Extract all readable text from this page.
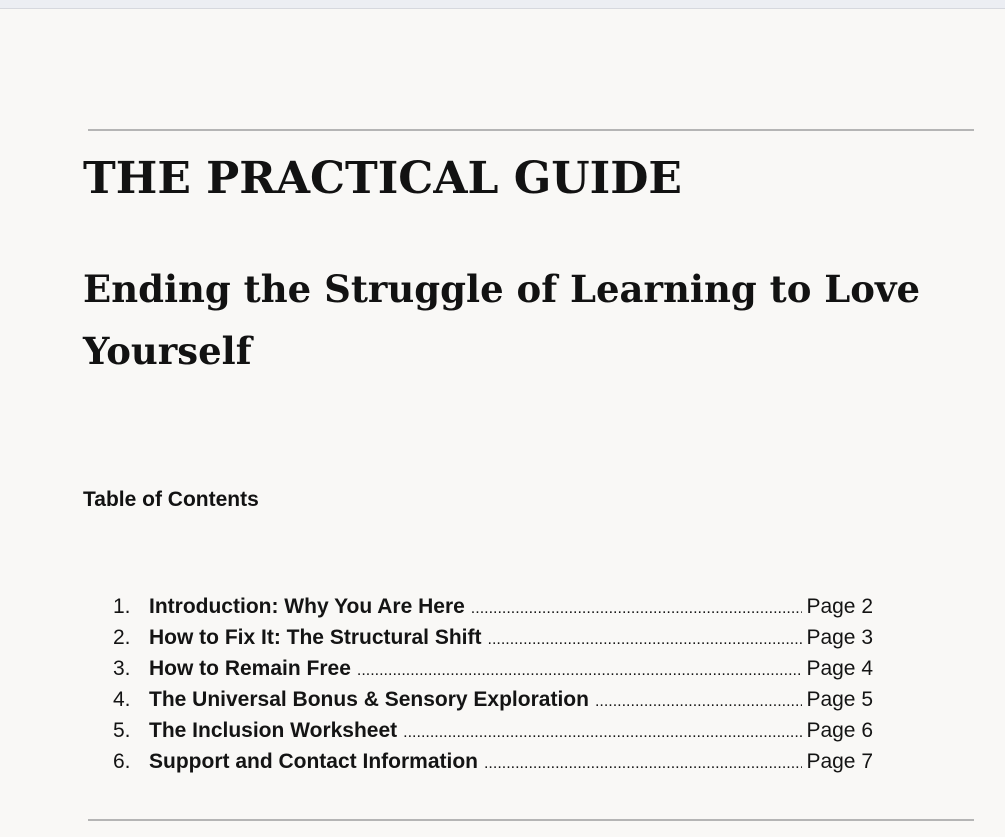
THE PRACTICAL GUIDE
Ending the Struggle of Learning to Love Yourself
Table of Contents
1. Introduction: Why You Are Here .....	Page 2
2. How to Fix It: The Structural Shift .....	Page 3
3. How to Remain Free .....	Page 4
4. The Universal Bonus & Sensory Exploration .....	Page 5
5. The Inclusion Worksheet .....	Page 6
6. Support and Contact Information .....	Page 7
